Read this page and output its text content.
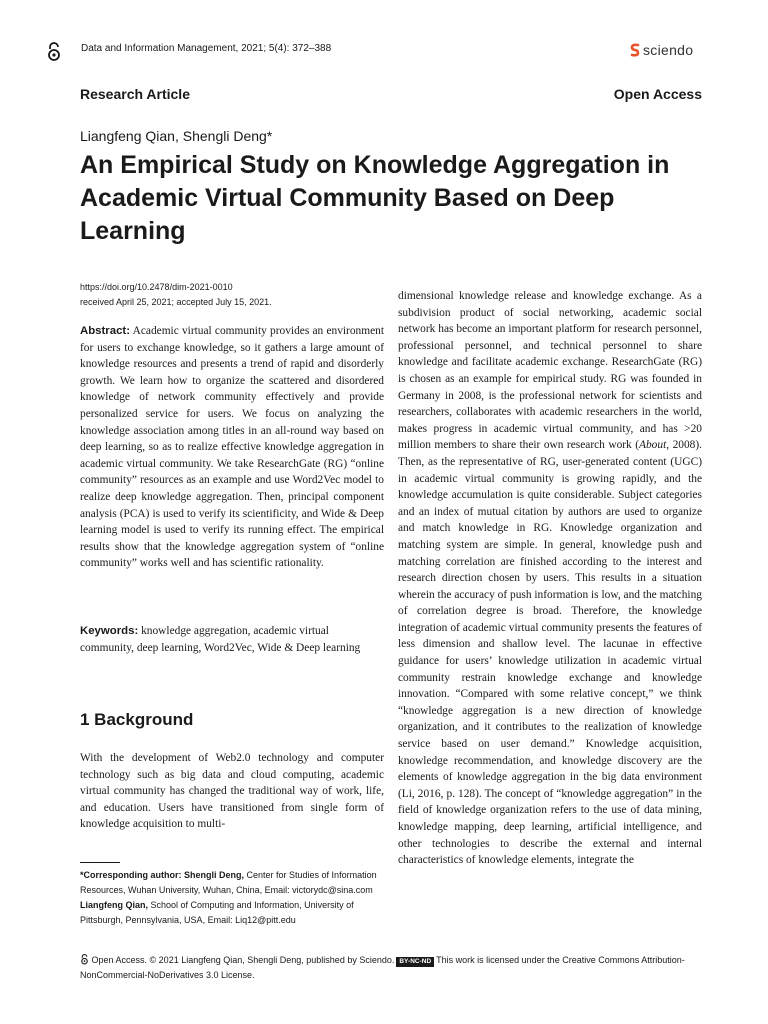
Data and Information Management, 2021; 5(4): 372–388	sciendo
Research Article	Open Access
Liangfeng Qian, Shengli Deng*
An Empirical Study on Knowledge Aggregation in Academic Virtual Community Based on Deep Learning
https://doi.org/10.2478/dim-2021-0010
received April 25, 2021; accepted July 15, 2021.
Abstract: Academic virtual community provides an environment for users to exchange knowledge, so it gathers a large amount of knowledge resources and presents a trend of rapid and disorderly growth. We learn how to organize the scattered and disordered knowledge of network community effectively and provide personalized service for users. We focus on analyzing the knowledge association among titles in an all-round way based on deep learning, so as to realize effective knowledge aggregation in academic virtual community. We take ResearchGate (RG) “online community” resources as an example and use Word2Vec model to realize deep knowledge aggregation. Then, principal component analysis (PCA) is used to verify its scientificity, and Wide & Deep learning model is used to verify its running effect. The empirical results show that the knowledge aggregation system of “online community” works well and has scientific rationality.
Keywords: knowledge aggregation, academic virtual community, deep learning, Word2Vec, Wide & Deep learning
1 Background
With the development of Web2.0 technology and computer technology such as big data and cloud computing, academic virtual community has changed the traditional way of work, life, and education. Users have transitioned from single form of knowledge acquisition to multi-
*Corresponding author: Shengli Deng, Center for Studies of Information Resources, Wuhan University, Wuhan, China, Email: victorydc@sina.com
Liangfeng Qian, School of Computing and Information, University of Pittsburgh, Pennsylvania, USA, Email: Liq12@pitt.edu
dimensional knowledge release and knowledge exchange. As a subdivision product of social networking, academic social network has become an important platform for research personnel, professional personnel, and technical personnel to share knowledge and facilitate academic exchange. ResearchGate (RG) is chosen as an example for empirical study. RG was founded in Germany in 2008, is the professional network for scientists and researchers, collaborates with academic researchers in the world, makes progress in academic virtual community, and has >20 million members to share their own research work (About, 2008). Then, as the representative of RG, user-generated content (UGC) in academic virtual community is growing rapidly, and the knowledge accumulation is quite considerable. Subject categories and an index of mutual citation by authors are used to organize and match knowledge in RG. Knowledge organization and matching system are simple. In general, knowledge push and matching correlation are finished according to the interest and research direction chosen by users. This results in a situation wherein the accuracy of push information is low, and the matching of correlation degree is broad. Therefore, the knowledge integration of academic virtual community presents the features of less dimension and shallow level. The lacunae in effective guidance for users’ knowledge utilization in academic virtual community restrain knowledge exchange and knowledge innovation. “Compared with some relative concept,” we think “knowledge aggregation is a new direction of knowledge organization, and it contributes to the realization of knowledge service based on user demand.” Knowledge acquisition, knowledge recommendation, and knowledge discovery are the elements of knowledge aggregation in the big data environment (Li, 2016, p. 128). The concept of “knowledge aggregation” in the field of knowledge organization refers to the use of data mining, knowledge mapping, deep learning, artificial intelligence, and other technologies to describe the external and internal characteristics of knowledge elements, integrate the
Open Access. © 2021 Liangfeng Qian, Shengli Deng, published by Sciendo. BY-NC-ND This work is licensed under the Creative Commons Attribution-NonCommercial-NoDerivatives 3.0 License.
